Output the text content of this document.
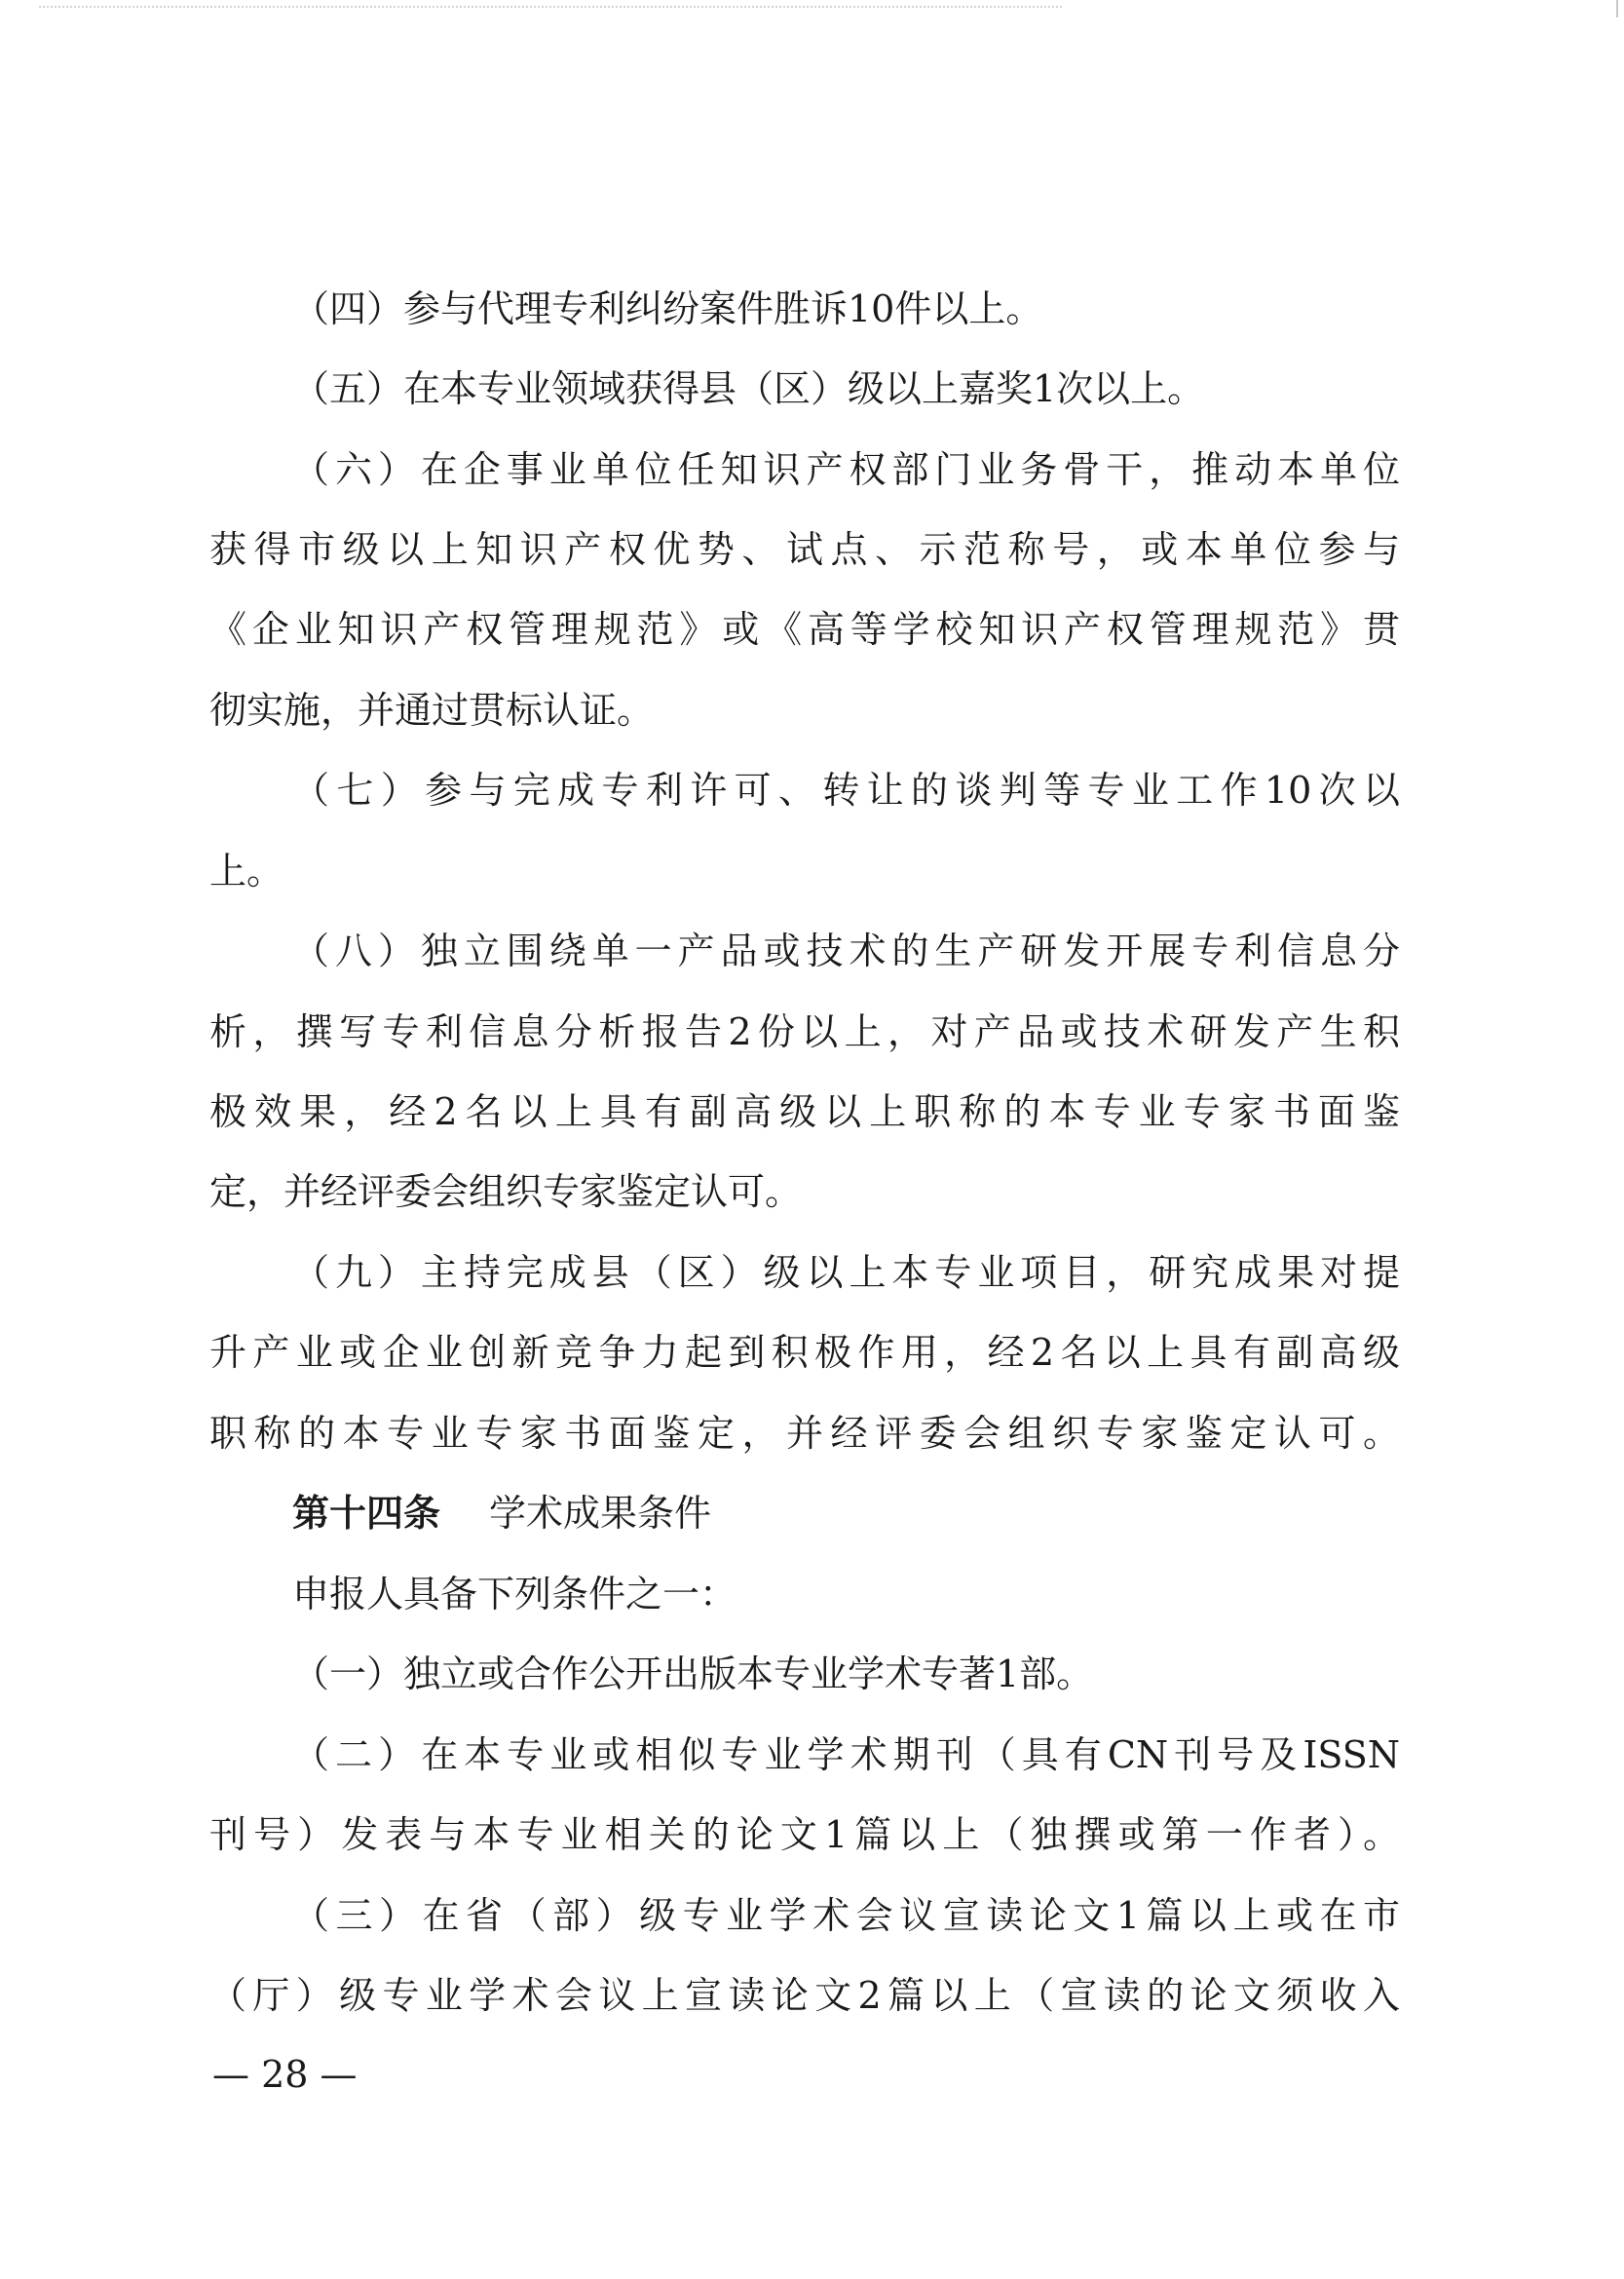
（四）参与代理专利纠纷案件胜诉10件以上。
（五）在本专业领域获得县（区）级以上嘉奖1次以上。
（六）在企事业单位任知识产权部门业务骨干，推动本单位
获得市级以上知识产权优势、试点、示范称号，或本单位参与
《企业知识产权管理规范》或《高等学校知识产权管理规范》贯
彻实施，并通过贯标认证。
（七）参与完成专利许可、转让的谈判等专业工作10次以
上。
（八）独立围绕单一产品或技术的生产研发开展专利信息分
析，撰写专利信息分析报告2份以上，对产品或技术研发产生积
极效果，经2名以上具有副高级以上职称的本专业专家书面鉴
定，并经评委会组织专家鉴定认可。
（九）主持完成县（区）级以上本专业项目，研究成果对提
升产业或企业创新竞争力起到积极作用，经2名以上具有副高级
职称的本专业专家书面鉴定，并经评委会组织专家鉴定认可。
第十四条 学术成果条件
申报人具备下列条件之一：
（一）独立或合作公开出版本专业学术专著1部。
（二）在本专业或相似专业学术期刊（具有CN刊号及ISSN
刊号）发表与本专业相关的论文1篇以上（独撰或第一作者）。
（三）在省（部）级专业学术会议宣读论文1篇以上或在市
（厅）级专业学术会议上宣读论文2篇以上（宣读的论文须收入
— 28 —
